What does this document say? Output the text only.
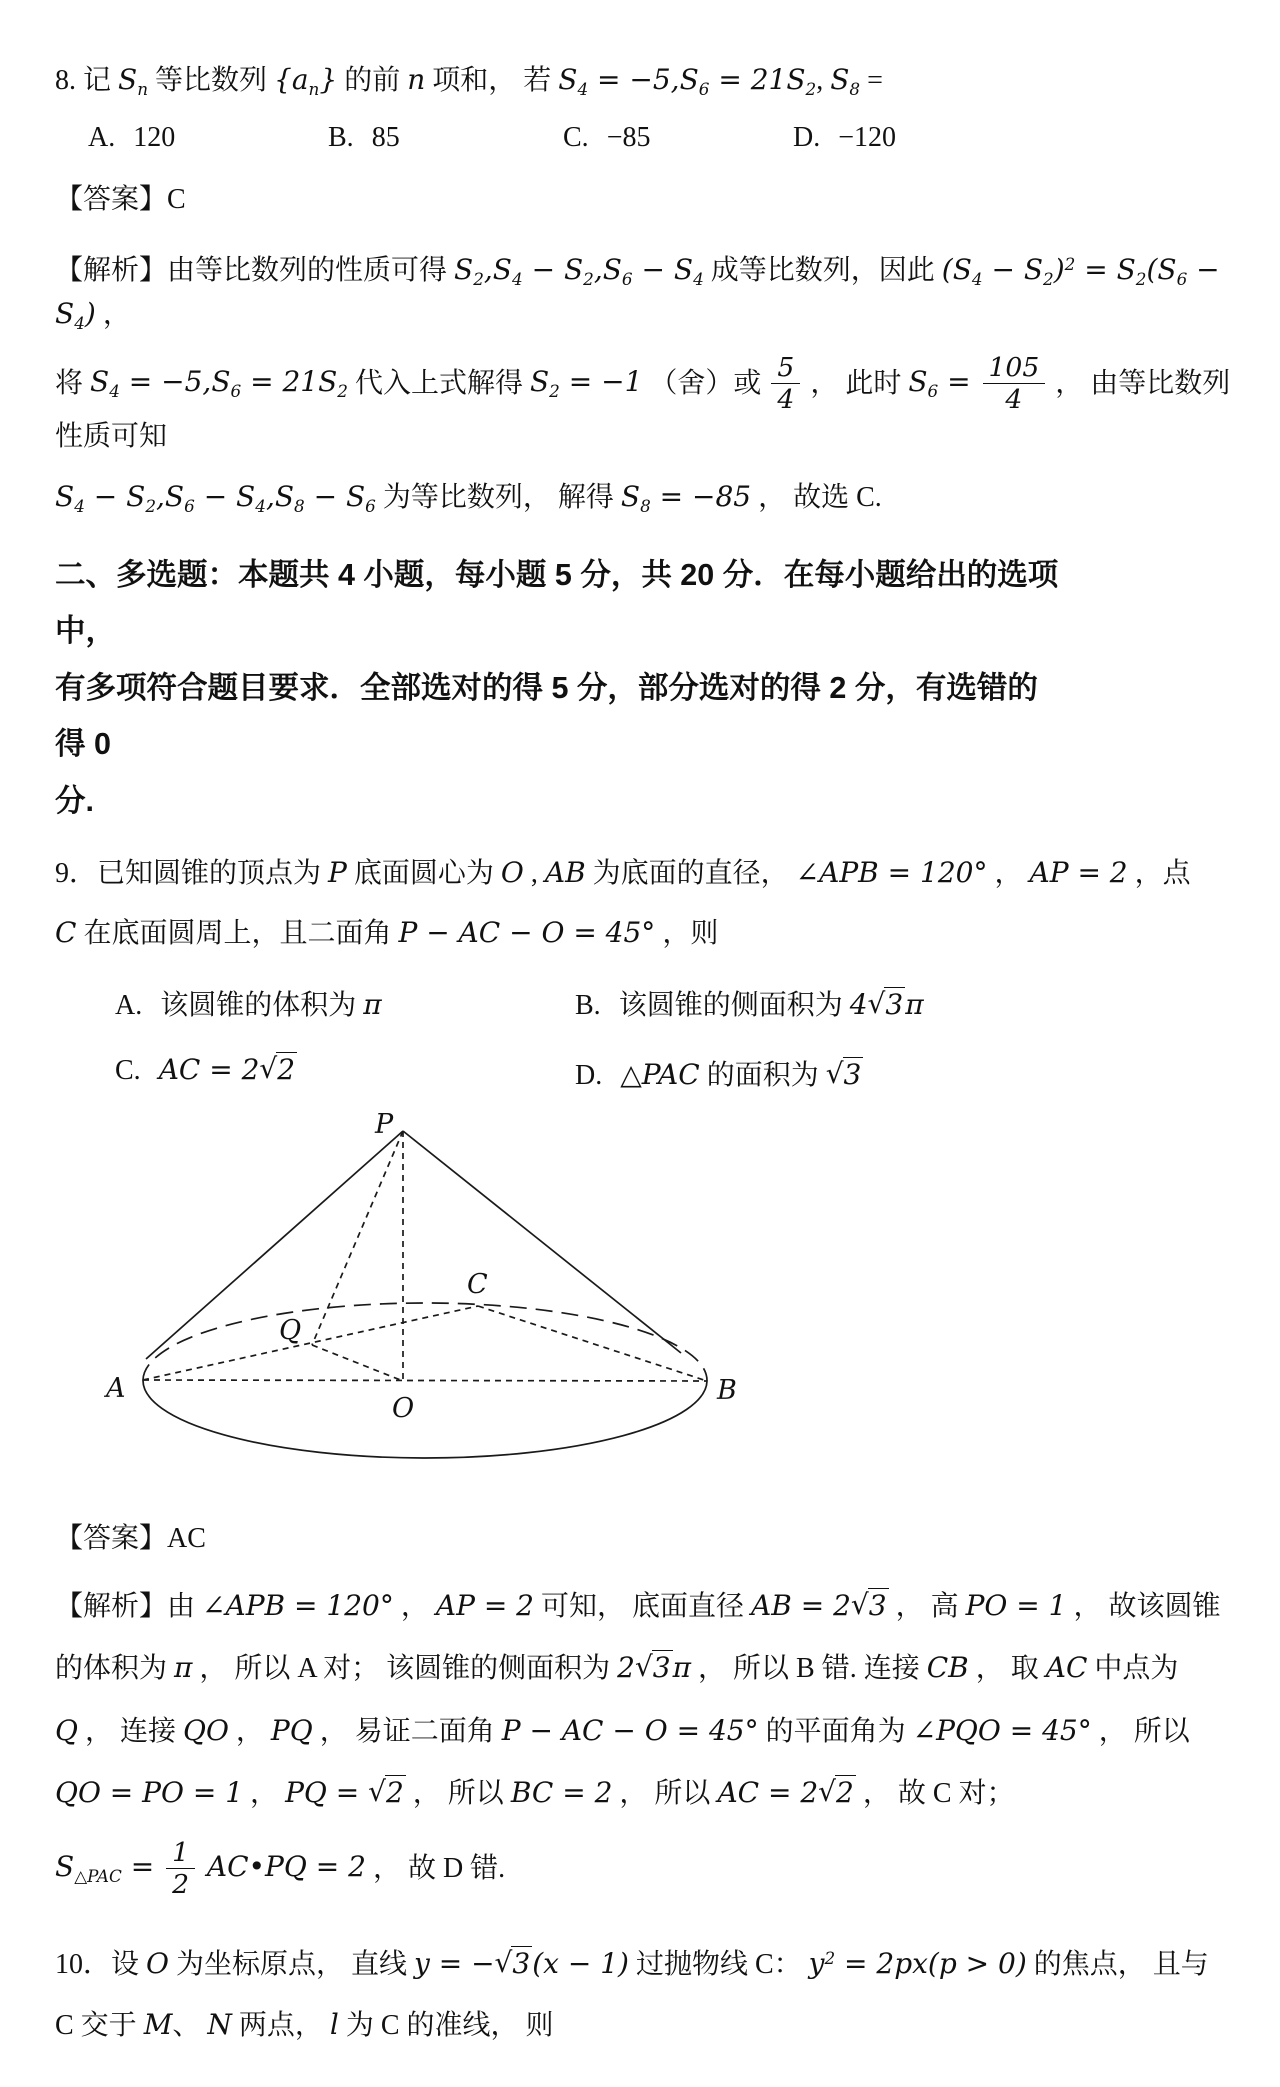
8. 记 $S_n$ 等比数列 $\{a_n\}$ 的前 n 项和， 若 $S_4 = -5,S_6 = 21S_2$, $S_8$ =
A. 120	B. 85	C. −85	D. −120
【答案】C
【解析】由等比数列的性质可得 $S_2,S_4 - S_2,S_6 - S_4$ 成等比数列，因此 $(S_4 - S_2)^2 = S_2(S_6 - S_4)$ ，
将 $S_4 = -5,S_6 = 21S_2$ 代入上式解得 $S_2 = -1$ （舍）或 $\frac{5}{4}$ ， 此时 $S_6 = \frac{105}{4}$ ， 由等比数列性质可知
$S_4 - S_2,S_6 - S_4,S_8 - S_6$ 为等比数列， 解得 $S_8 = -85$ ， 故选 C.
二、多选题：本题共 4 小题，每小题 5 分，共 20 分．在每小题给出的选项中，
有多项符合题目要求．全部选对的得 5 分，部分选对的得 2 分，有选错的得 0
分.
9．已知圆锥的顶点为 P 底面圆心为 O , AB 为底面的直径， ∠APB = 120° ， AP = 2 ，点
C 在底面圆周上，且二面角 P − AC − O = 45° ，则
A. 该圆锥的体积为 π	B. 该圆锥的侧面积为 4√3π
C. AC = 2√2	D. △PAC 的面积为 √3
P
A	B
O
C
Q
【答案】AC
【解析】由 ∠APB = 120° ， AP = 2 可知， 底面直径 AB = 2√3 ， 高 PO = 1 ， 故该圆锥
的体积为 π ， 所以 A 对； 该圆锥的侧面积为 2√3π ， 所以 B 错. 连接 CB ， 取 AC 中点为
Q ， 连接 QO ， PQ ， 易证二面角 P − AC − O = 45° 的平面角为 ∠PQO = 45° ， 所以
QO = PO = 1 ， PQ = √2 ， 所以 BC = 2 ， 所以 AC = 2√2 ， 故 C 对；
$S_{\triangle PAC} = \frac{1}{2}$ AC•PQ = 2 ， 故 D 错.
10．设 O 为坐标原点， 直线 y = −√3(x − 1) 过抛物线 C： $y^2 = 2px(p > 0)$ 的焦点， 且与
C 交于 M、 N 两点， l 为 C 的准线， 则
